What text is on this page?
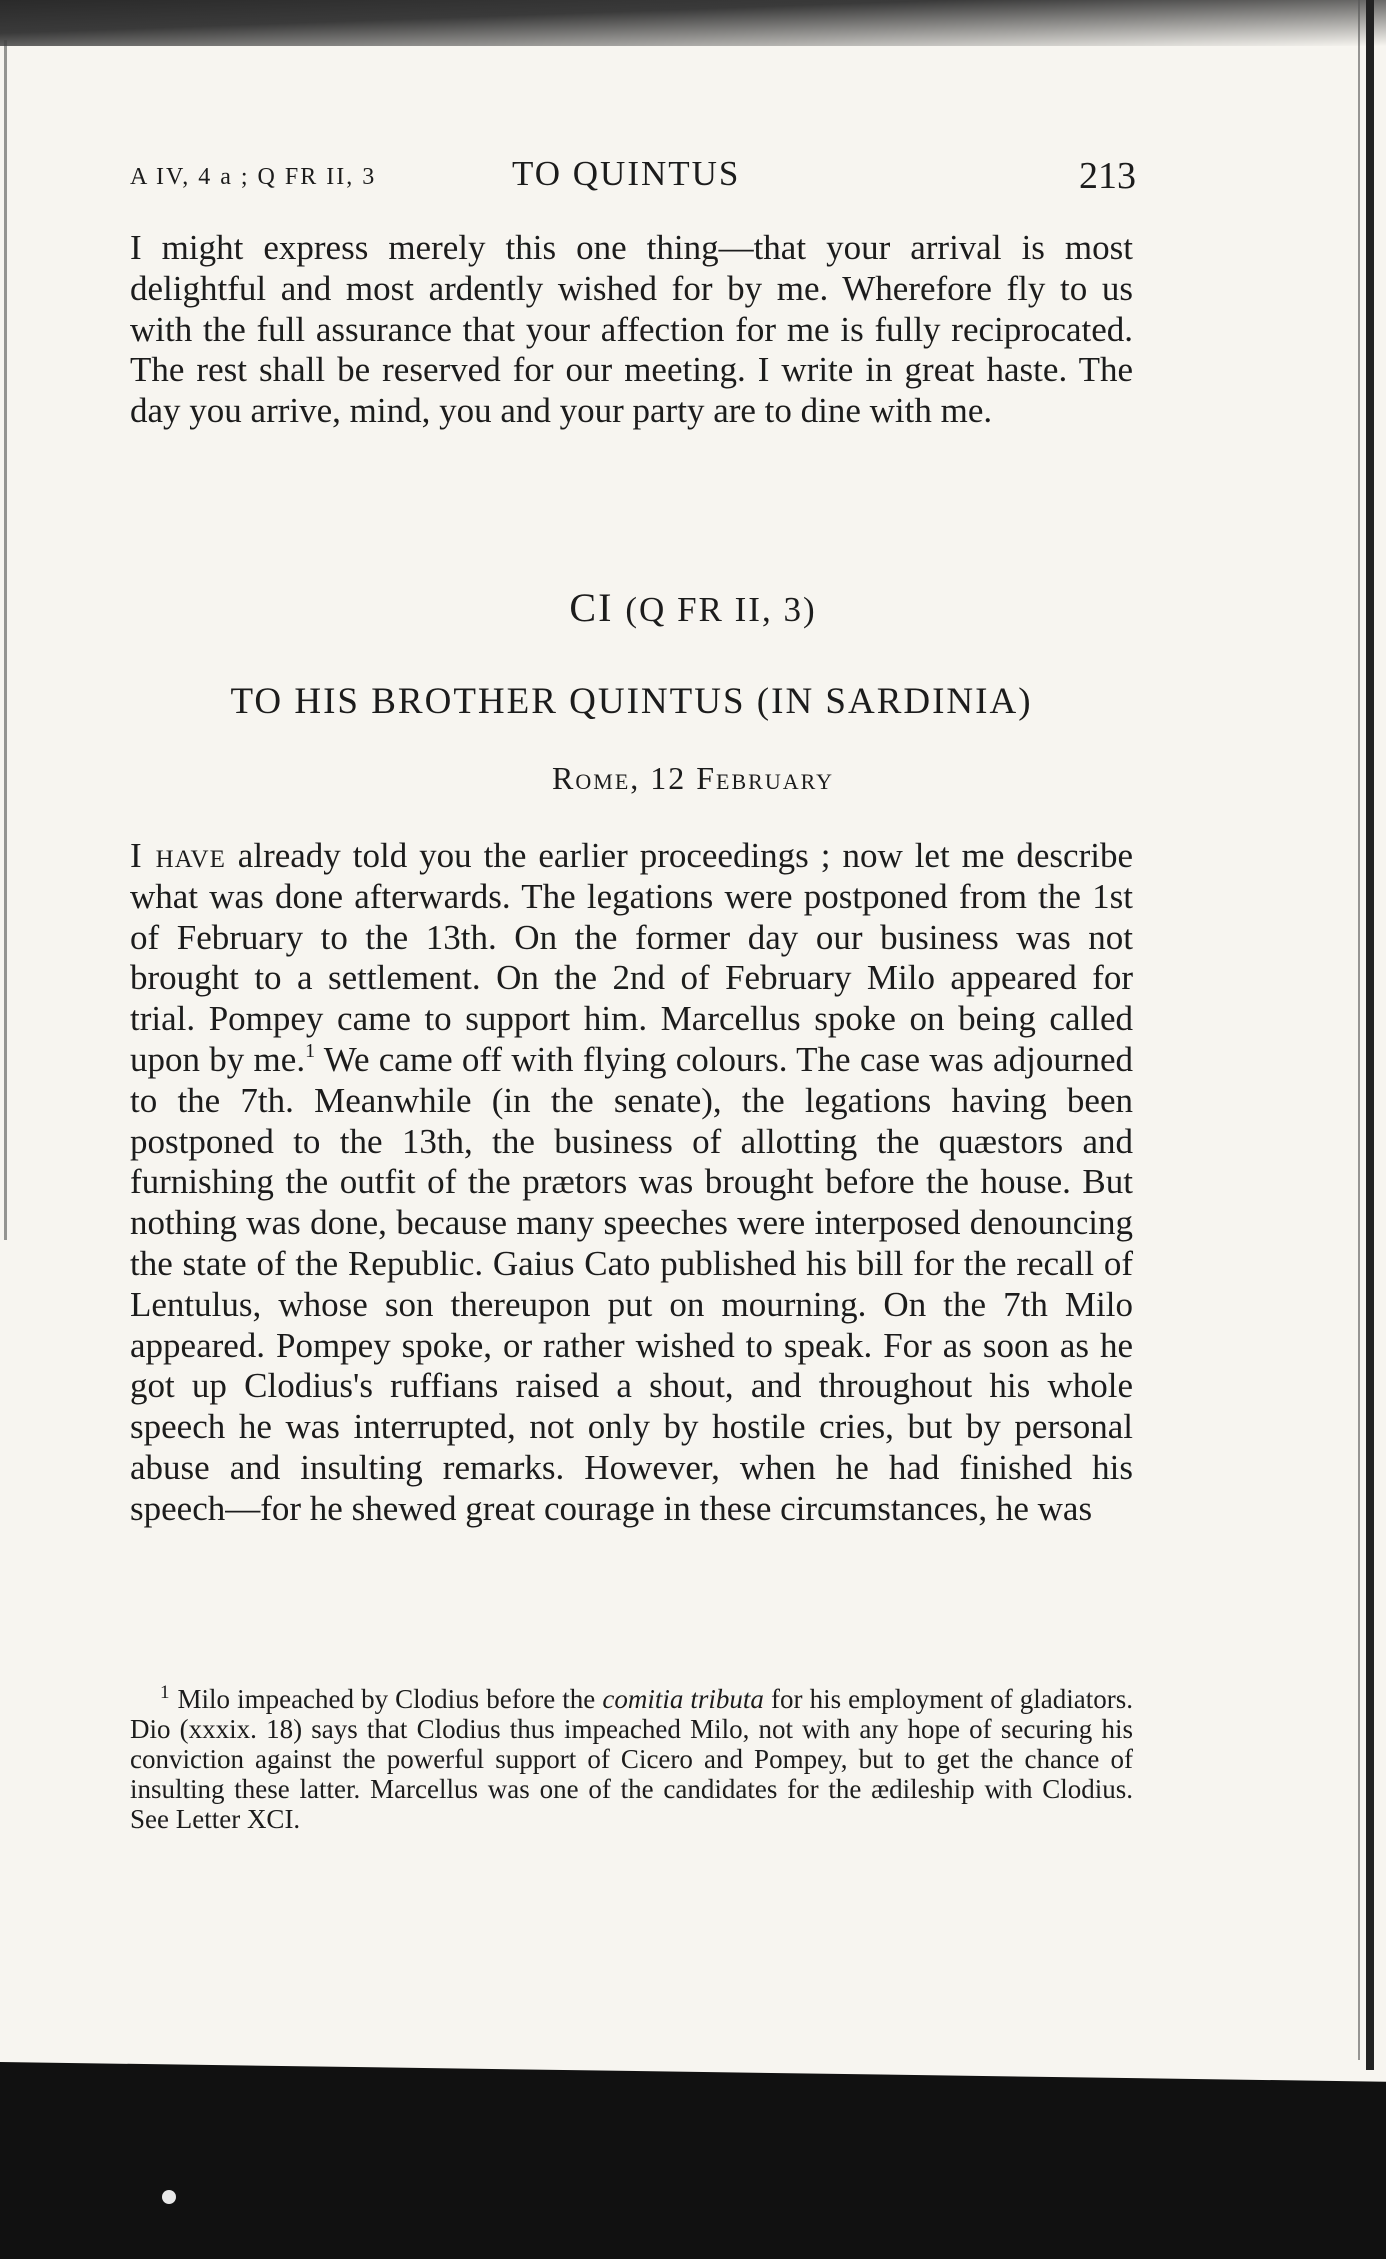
A IV, 4 a ; Q FR II, 3	TO QUINTUS	213
I might express merely this one thing—that your arrival is most delightful and most ardently wished for by me. Wherefore fly to us with the full assurance that your affection for me is fully reciprocated. The rest shall be reserved for our meeting. I write in great haste. The day you arrive, mind, you and your party are to dine with me.
CI (Q FR II, 3)
TO HIS BROTHER QUINTUS (IN SARDINIA)
Rome, 12 February
I have already told you the earlier proceedings ; now let me describe what was done afterwards. The legations were postponed from the 1st of February to the 13th. On the former day our business was not brought to a settlement. On the 2nd of February Milo appeared for trial. Pompey came to support him. Marcellus spoke on being called upon by me.$^1$ We came off with flying colours. The case was adjourned to the 7th. Meanwhile (in the senate), the legations having been postponed to the 13th, the business of allotting the quæstors and furnishing the outfit of the prætors was brought before the house. But nothing was done, because many speeches were interposed denouncing the state of the Republic. Gaius Cato published his bill for the recall of Lentulus, whose son thereupon put on mourning. On the 7th Milo appeared. Pompey spoke, or rather wished to speak. For as soon as he got up Clodius's ruffians raised a shout, and throughout his whole speech he was interrupted, not only by hostile cries, but by personal abuse and insulting remarks. However, when he had finished his speech—for he shewed great courage in these circumstances, he was
$^1$ Milo impeached by Clodius before the comitia tributa for his employment of gladiators. Dio (xxxix. 18) says that Clodius thus impeached Milo, not with any hope of securing his conviction against the powerful support of Cicero and Pompey, but to get the chance of insulting these latter. Marcellus was one of the candidates for the ædileship with Clodius. See Letter XCI.
